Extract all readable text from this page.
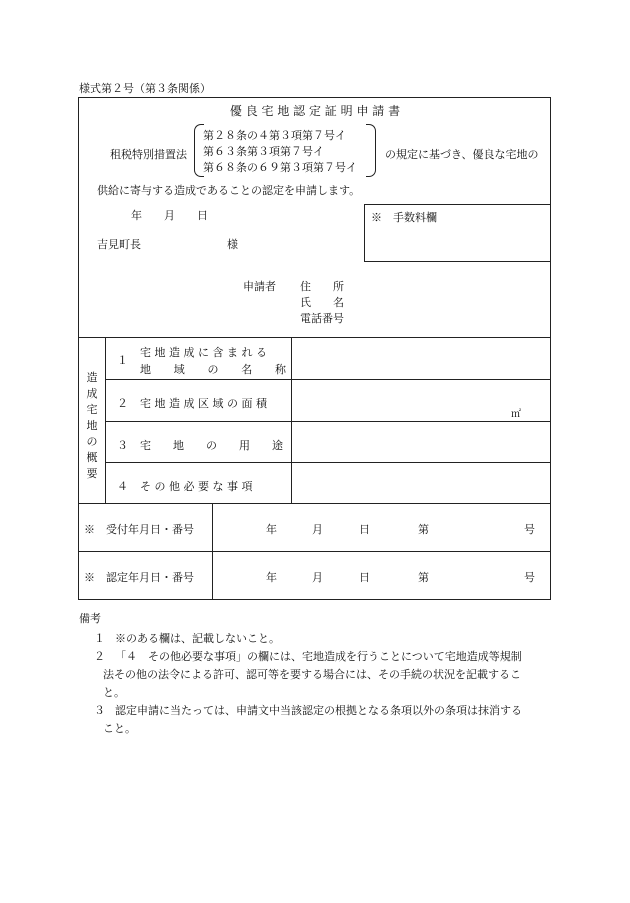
様式第２号（第３条関係）
優 良 宅 地 認 定 証 明 申 請 書
租税特別措置法
第２８条の４第３項第７号イ
第６３条第３項第７号イ
第６８条の６９第３項第７号イ
の規定に基づき、優良な宅地の
供給に寄与する造成であることの認定を申請します。
年　　月　　日
吉見町長	様
※　手数料欄
申請者 住　　所
氏　　名
電話番号
造
成
宅
地
の
概
要
１
宅 地 造 成 に 含 ま れ る
地　域　の　名　称
２ 宅 地 造 成 区 域 の 面 積
㎡
３ 宅　　地　　の　　用　　途
４ そ の 他 必 要 な 事 項
※　受付年月日・番号	年	月	日	第	号
※　認定年月日・番号	年	月	日	第	号
備考
１ ※のある欄は、記載しないこと。
２ 「４　その他必要な事項」の欄には、宅地造成を行うことについて宅地造成等規制
法その他の法令による許可、認可等を要する場合には、その手続の状況を記載するこ
と。
３ 認定申請に当たっては、申請文中当該認定の根拠となる条項以外の条項は抹消する
こと。
